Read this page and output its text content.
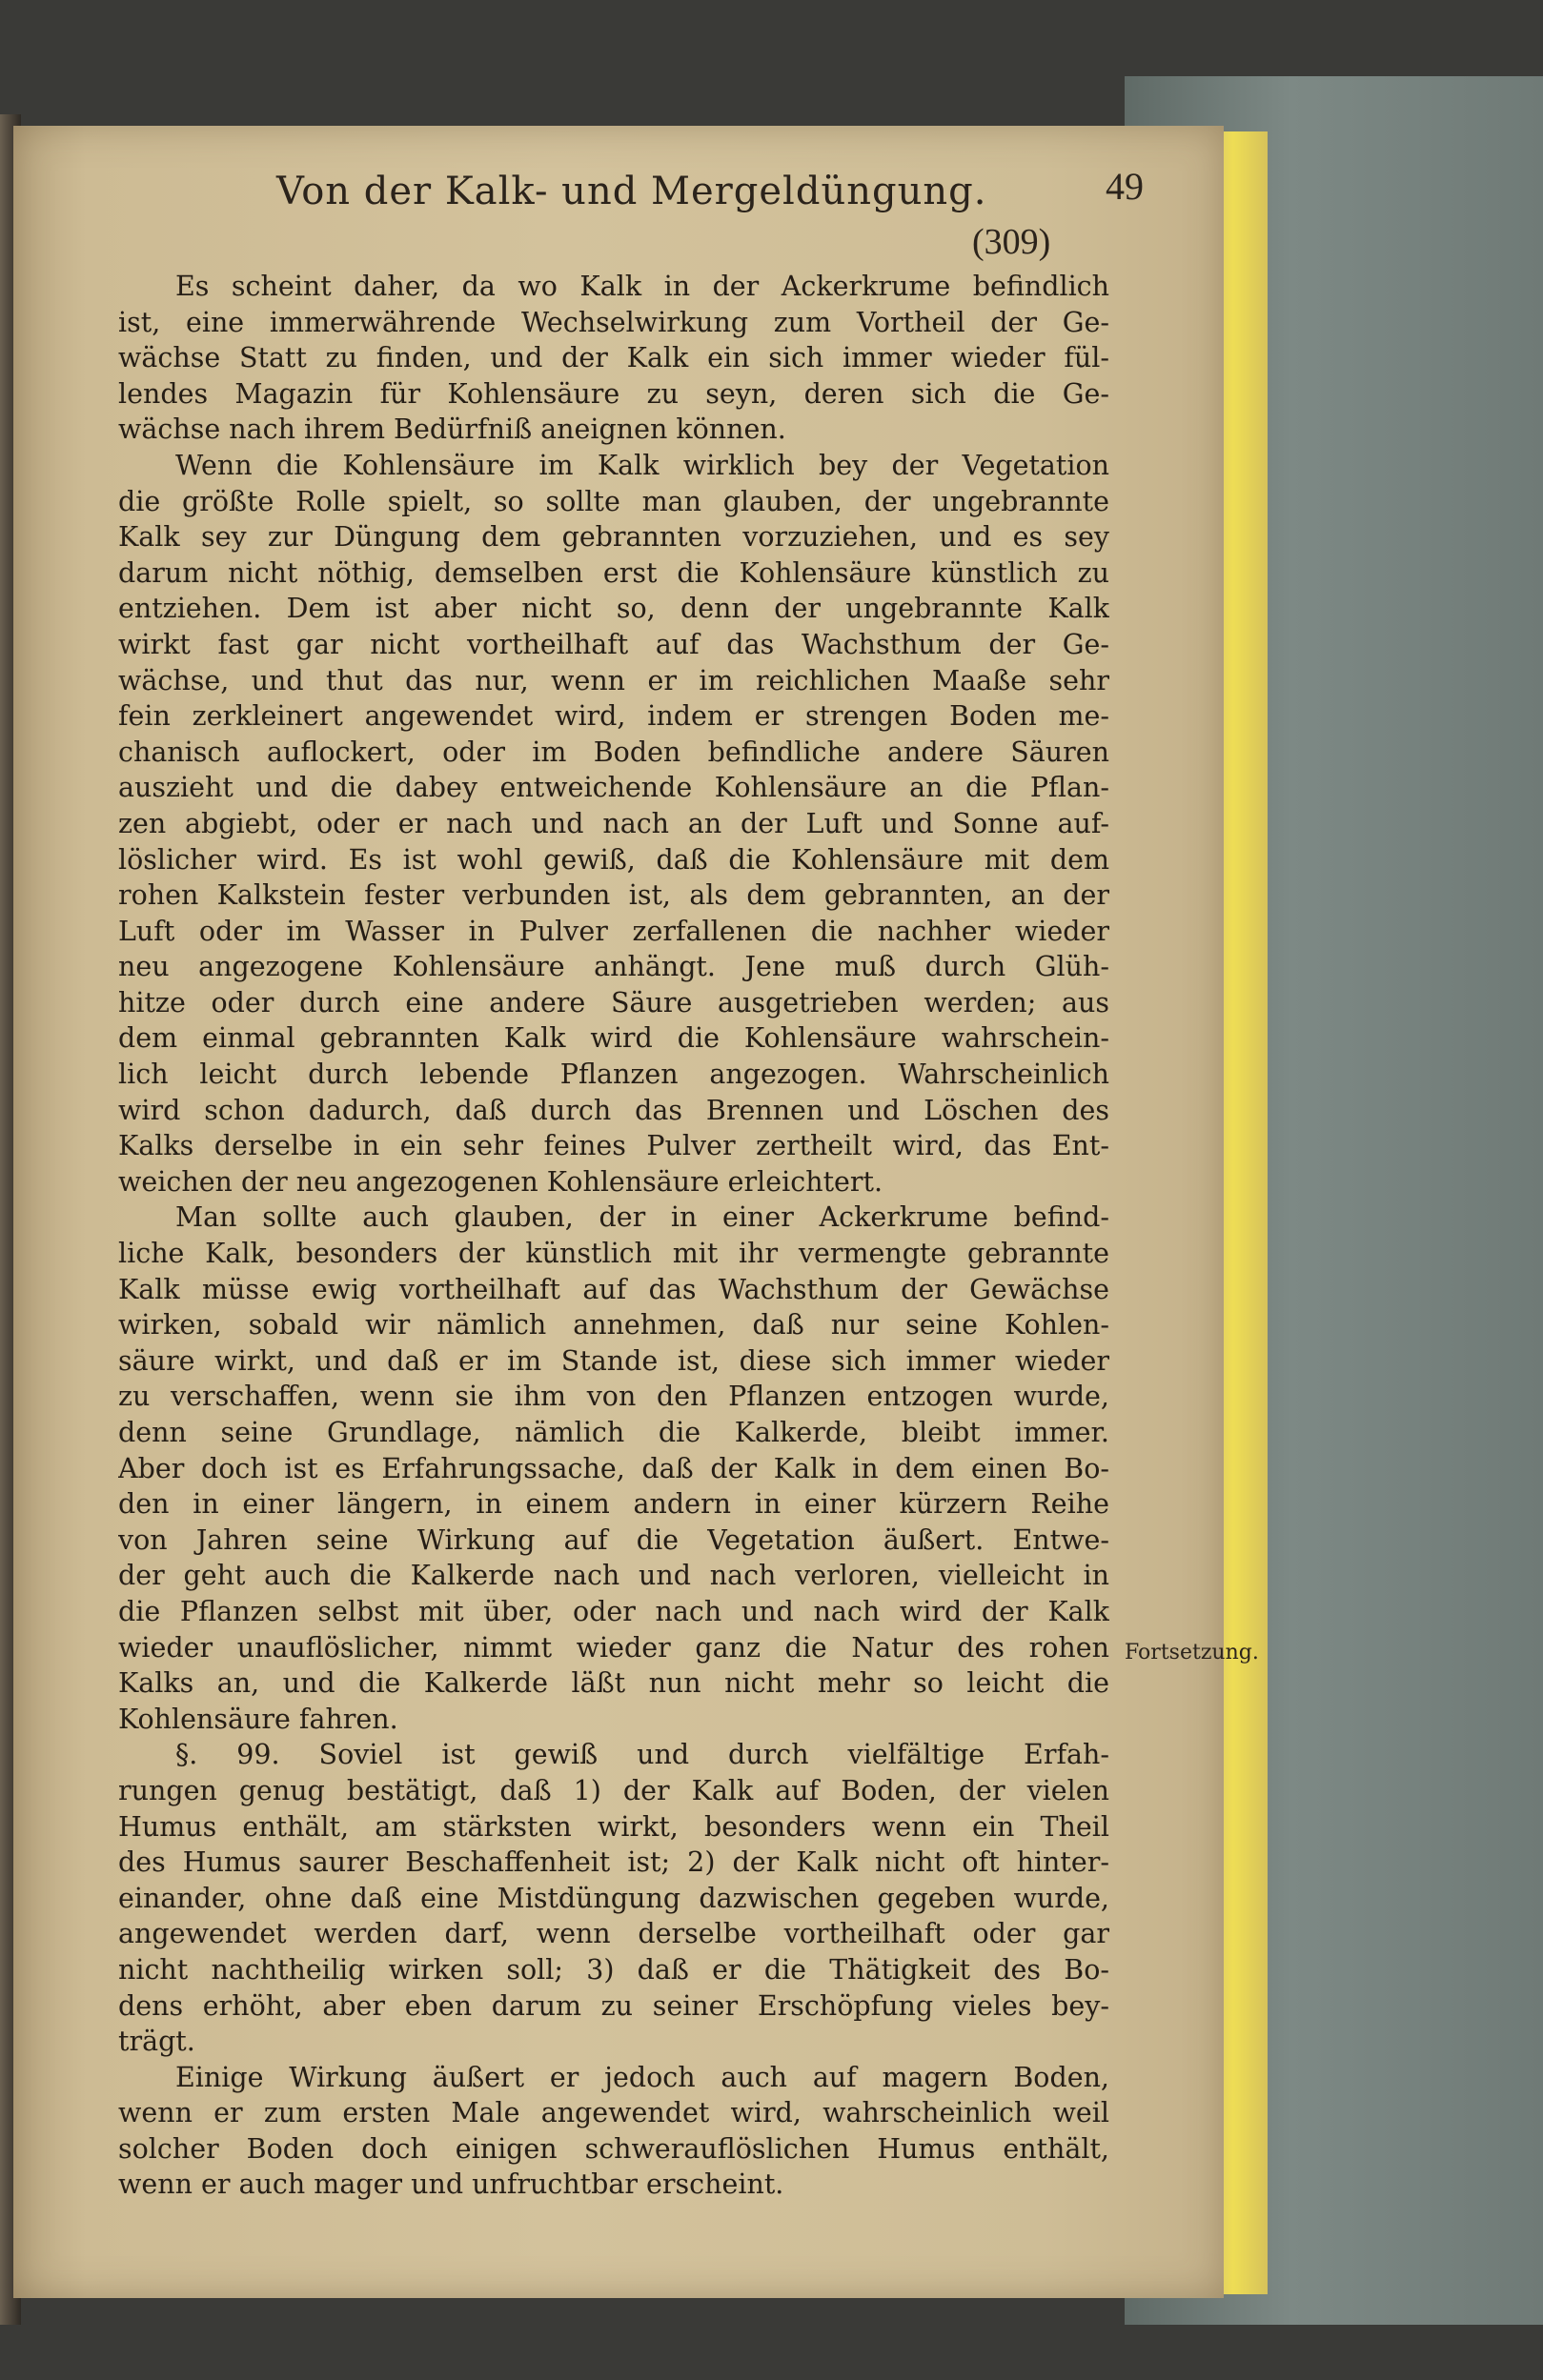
Von der Kalk- und Mergeldüngung.	49
(309)
Es scheint daher, da wo Kalk in der Ackerkrume befindlich
ist, eine immerwährende Wechselwirkung zum Vortheil der Ge-
wächse Statt zu finden, und der Kalk ein sich immer wieder fül-
lendes Magazin für Kohlensäure zu seyn, deren sich die Ge-
wächse nach ihrem Bedürfniß aneignen können.
Wenn die Kohlensäure im Kalk wirklich bey der Vegetation
die größte Rolle spielt, so sollte man glauben, der ungebrannte
Kalk sey zur Düngung dem gebrannten vorzuziehen, und es sey
darum nicht nöthig, demselben erst die Kohlensäure künstlich zu
entziehen. Dem ist aber nicht so, denn der ungebrannte Kalk
wirkt fast gar nicht vortheilhaft auf das Wachsthum der Ge-
wächse, und thut das nur, wenn er im reichlichen Maaße sehr
fein zerkleinert angewendet wird, indem er strengen Boden me-
chanisch auflockert, oder im Boden befindliche andere Säuren
auszieht und die dabey entweichende Kohlensäure an die Pflan-
zen abgiebt, oder er nach und nach an der Luft und Sonne auf-
löslicher wird. Es ist wohl gewiß, daß die Kohlensäure mit dem
rohen Kalkstein fester verbunden ist, als dem gebrannten, an der
Luft oder im Wasser in Pulver zerfallenen die nachher wieder
neu angezogene Kohlensäure anhängt. Jene muß durch Glüh-
hitze oder durch eine andere Säure ausgetrieben werden; aus
dem einmal gebrannten Kalk wird die Kohlensäure wahrschein-
lich leicht durch lebende Pflanzen angezogen. Wahrscheinlich
wird schon dadurch, daß durch das Brennen und Löschen des
Kalks derselbe in ein sehr feines Pulver zertheilt wird, das Ent-
weichen der neu angezogenen Kohlensäure erleichtert.
Man sollte auch glauben, der in einer Ackerkrume befind-
liche Kalk, besonders der künstlich mit ihr vermengte gebrannte
Kalk müsse ewig vortheilhaft auf das Wachsthum der Gewächse
wirken, sobald wir nämlich annehmen, daß nur seine Kohlen-
säure wirkt, und daß er im Stande ist, diese sich immer wieder
zu verschaffen, wenn sie ihm von den Pflanzen entzogen wurde,
denn seine Grundlage, nämlich die Kalkerde, bleibt immer.
Aber doch ist es Erfahrungssache, daß der Kalk in dem einen Bo-
den in einer längern, in einem andern in einer kürzern Reihe
von Jahren seine Wirkung auf die Vegetation äußert. Entwe-
der geht auch die Kalkerde nach und nach verloren, vielleicht in
die Pflanzen selbst mit über, oder nach und nach wird der Kalk
wieder unauflöslicher, nimmt wieder ganz die Natur des rohen
Kalks an, und die Kalkerde läßt nun nicht mehr so leicht die
Kohlensäure fahren.
§. 99. Soviel ist gewiß und durch vielfältige Erfah-
rungen genug bestätigt, daß 1) der Kalk auf Boden, der vielen
Humus enthält, am stärksten wirkt, besonders wenn ein Theil
des Humus saurer Beschaffenheit ist; 2) der Kalk nicht oft hinter-
einander, ohne daß eine Mistdüngung dazwischen gegeben wurde,
angewendet werden darf, wenn derselbe vortheilhaft oder gar
nicht nachtheilig wirken soll; 3) daß er die Thätigkeit des Bo-
dens erhöht, aber eben darum zu seiner Erschöpfung vieles bey-
trägt.
Einige Wirkung äußert er jedoch auch auf magern Boden,
wenn er zum ersten Male angewendet wird, wahrscheinlich weil
solcher Boden doch einigen schwerauflöslichen Humus enthält,
wenn er auch mager und unfruchtbar erscheint.
Fortsetzung.
